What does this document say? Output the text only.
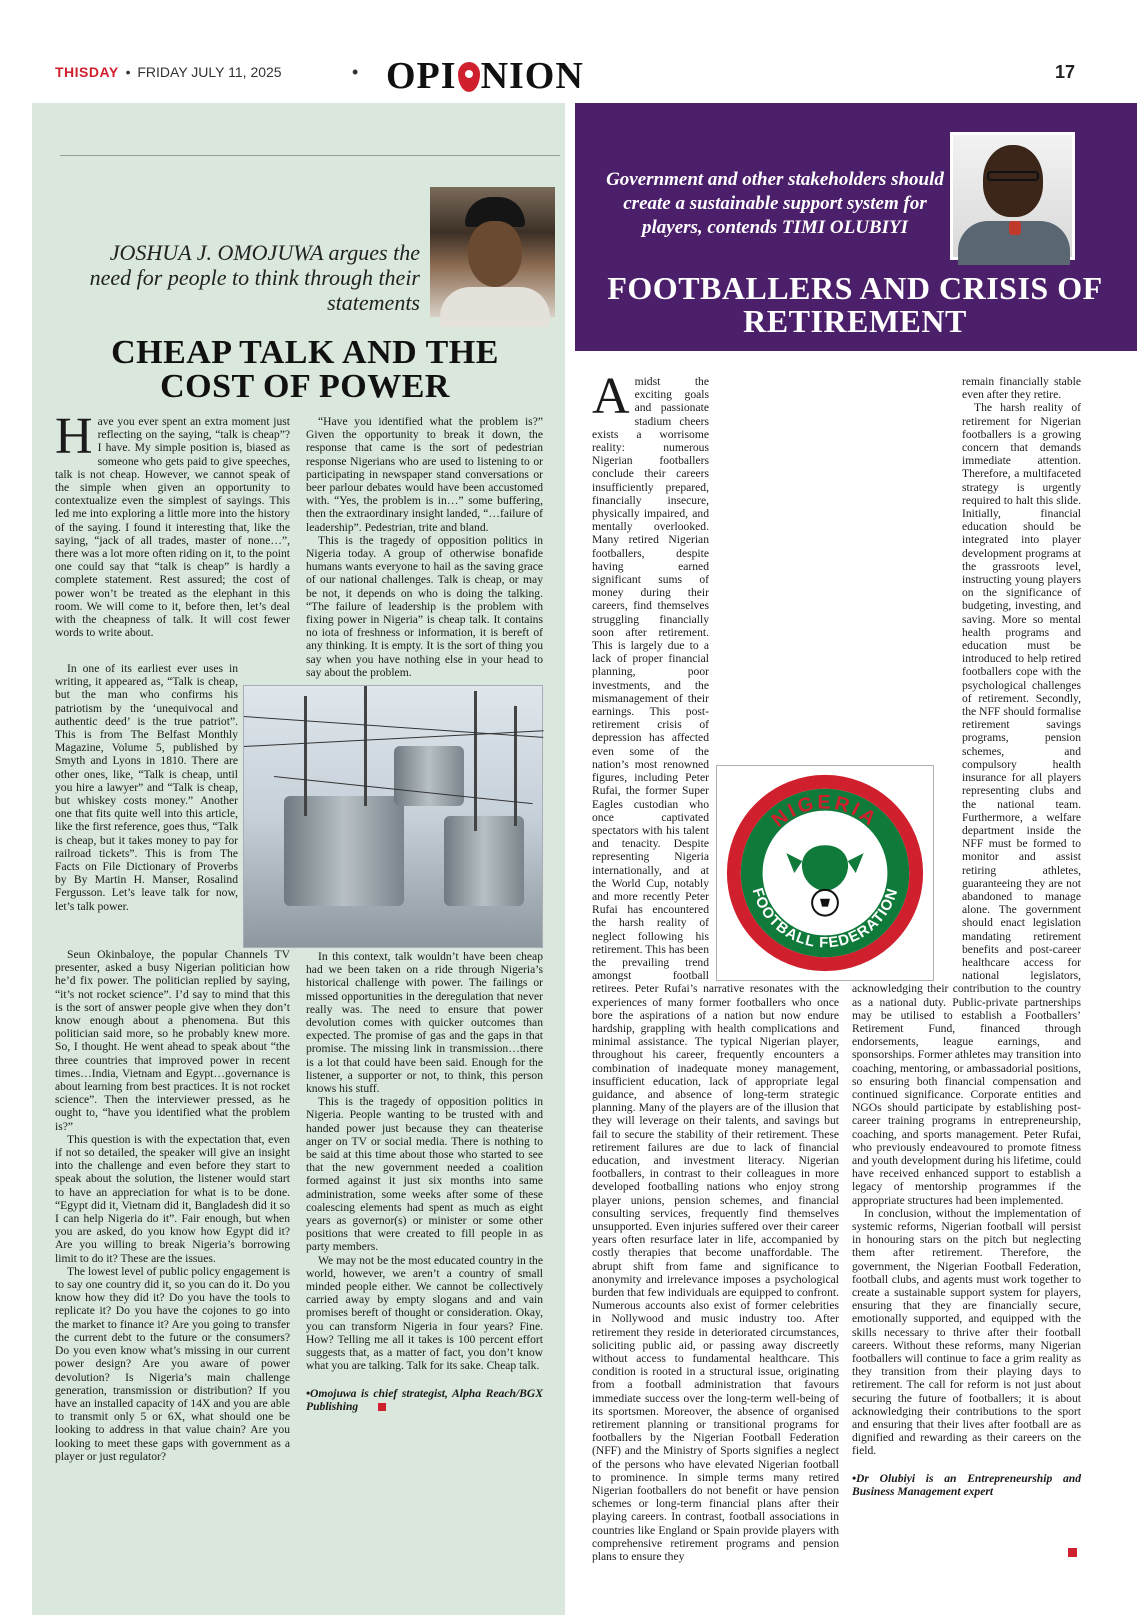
THISDAY • FRIDAY JULY 11, 2025	• OPI NION	17
JOSHUA J. OMOJUWA argues the need for people to think through their statements
CHEAP TALK AND THE COST OF POWER

Have you ever spent an extra moment just reflecting on the saying, “talk is cheap”? I have. My simple position is, biased as someone who gets paid to give speeches, talk is not cheap. However, we cannot speak of the simple when given an opportunity to contextualize even the simplest of sayings. This led me into exploring a little more into the history of the saying. I found it interesting that, like the saying, “jack of all trades, master of none…”, there was a lot more often riding on it, to the point one could say that “talk is cheap” is hardly a complete statement. Rest assured; the cost of power won’t be treated as the elephant in this room. We will come to it, before then, let’s deal with the cheapness of talk. It will cost fewer words to write about.

In one of its earliest ever uses in writing, it appeared as, “Talk is cheap, but the man who confirms his patriotism by the ‘unequivocal and authentic deed’ is the true patriot”. This is from The Belfast Monthly Magazine, Volume 5, published by Smyth and Lyons in 1810. There are other ones, like, “Talk is cheap, until you hire a lawyer” and “Talk is cheap, but whiskey costs money.” Another one that fits quite well into this article, like the first reference, goes thus, “Talk is cheap, but it takes money to pay for railroad tickets”. This is from The Facts on File Dictionary of Proverbs by By Martin H. Manser, Rosalind Fergusson. Let’s leave talk for now, let’s talk power.

Seun Okinbaloye, the popular Channels TV presenter, asked a busy Nigerian politician how he’d fix power. The politician replied by saying, “it’s not rocket science”. I’d say to mind that this is the sort of answer people give when they don’t know enough about a phenomena. But this politician said more, so he probably knew more. So, I thought. He went ahead to speak about “the three countries that improved power in recent times…India, Vietnam and Egypt…governance is about learning from best practices. It is not rocket science”. Then the interviewer pressed, as he ought to, “have you identified what the problem is?”

This question is with the expectation that, even if not so detailed, the speaker will give an insight into the challenge and even before they start to speak about the solution, the listener would start to have an appreciation for what is to be done. “Egypt did it, Vietnam did it, Bangladesh did it so I can help Nigeria do it”. Fair enough, but when you are asked, do you know how Egypt did it? Are you willing to break Nigeria’s borrowing limit to do it? These are the issues.

The lowest level of public policy engagement is to say one country did it, so you can do it. Do you know how they did it? Do you have the tools to replicate it? Do you have the cojones to go into the market to finance it? Are you going to transfer the current debt to the future or the consumers? Do you even know what’s missing in our current power design? Are you aware of power devolution? Is Nigeria’s main challenge generation, transmission or distribution? If you have an installed capacity of 14X and you are able to transmit only 5 or 6X, what should one be looking to address in that value chain? Are you looking to meet these gaps with government as a player or just regulator?

“Have you identified what the problem is?” Given the opportunity to break it down, the response that came is the sort of pedestrian response Nigerians who are used to listening to or participating in newspaper stand conversations or beer parlour debates would have been accustomed with. “Yes, the problem is in…” some buffering, then the extraordinary insight landed, “…failure of leadership”. Pedestrian, trite and bland.

This is the tragedy of opposition politics in Nigeria today. A group of otherwise bonafide humans wants everyone to hail as the saving grace of our national challenges. Talk is cheap, or may be not, it depends on who is doing the talking. “The failure of leadership is the problem with fixing power in Nigeria” is cheap talk. It contains no iota of freshness or information, it is bereft of any thinking. It is empty. It is the sort of thing you say when you have nothing else in your head to say about the problem.

In this context, talk wouldn’t have been cheap had we been taken on a ride through Nigeria’s historical challenge with power. The failings or missed opportunities in the deregulation that never really was. The need to ensure that power devolution comes with quicker outcomes than expected. The promise of gas and the gaps in that promise. The missing link in transmission…there is a lot that could have been said. Enough for the listener, a supporter or not, to think, this person knows his stuff.

This is the tragedy of opposition politics in Nigeria. People wanting to be trusted with and handed power just because they can theaterise anger on TV or social media. There is nothing to be said at this time about those who started to see that the new government needed a coalition formed against it just six months into same administration, some weeks after some of these coalescing elements had spent as much as eight years as governor(s) or minister or some other positions that were created to fill people in as party members.

We may not be the most educated country in the world, however, we aren’t a country of small minded people either. We cannot be collectively carried away by empty slogans and and vain promises bereft of thought or consideration. Okay, you can transform Nigeria in four years? Fine. How? Telling me all it takes is 100 percent effort suggests that, as a matter of fact, you don’t know what you are talking. Talk for its sake. Cheap talk.

•Omojuwa is chief strategist, Alpha Reach/BGX Publishing

Government and other stakeholders should create a sustainable support system for players, contends TIMI OLUBIYI
FOOTBALLERS AND CRISIS OF RETIREMENT

Amidst the exciting goals and passionate stadium cheers exists a worrisome reality: numerous Nigerian footballers conclude their careers insufficiently prepared, financially insecure, physically impaired, and mentally overlooked. Many retired Nigerian footballers, despite having earned significant sums of money during their careers, find themselves struggling financially soon after retirement. This is largely due to a lack of proper financial planning, poor investments, and the mismanagement of their earnings. This post-retirement crisis of depression has affected even some of the nation’s most renowned figures, including Peter Rufai, the former Super Eagles custodian who once captivated spectators with his talent and tenacity. Despite representing Nigeria internationally, and at the World Cup, notably and more recently Peter Rufai has encountered the harsh reality of neglect following his retirement. This has been the prevailing trend amongst football retirees. Peter Rufai’s narrative resonates with the experiences of many former footballers who once bore the aspirations of a nation but now endure hardship, grappling with health complications and minimal assistance. The typical Nigerian player, throughout his career, frequently encounters a combination of inadequate money management, insufficient education, lack of appropriate legal guidance, and absence of long-term strategic planning. Many of the players are of the illusion that they will leverage on their talents, and savings but fail to secure the stability of their retirement. These retirement failures are due to lack of financial education, and investment literacy. Nigerian footballers, in contrast to their colleagues in more developed footballing nations who enjoy strong player unions, pension schemes, and financial consulting services, frequently find themselves unsupported. Even injuries suffered over their career years often resurface later in life, accompanied by costly therapies that become unaffordable. The abrupt shift from fame and significance to anonymity and irrelevance imposes a psychological burden that few individuals are equipped to confront. Numerous accounts also exist of former celebrities in Nollywood and music industry too. After retirement they reside in deteriorated circumstances, soliciting public aid, or passing away discreetly without access to fundamental healthcare. This condition is rooted in a structural issue, originating from a football administration that favours immediate success over the long-term well-being of its sportsmen. Moreover, the absence of organised retirement planning or transitional programs for footballers by the Nigerian Football Federation (NFF) and the Ministry of Sports signifies a neglect of the persons who have elevated Nigerian football to prominence. In simple terms many retired Nigerian footballers do not benefit or have pension schemes or long-term financial plans after their playing careers. In contrast, football associations in countries like England or Spain provide players with comprehensive retirement programs and pension plans to ensure they

remain financially stable even after they retire.

The harsh reality of retirement for Nigerian footballers is a growing concern that demands immediate attention. Therefore, a multifaceted strategy is urgently required to halt this slide. Initially, financial education should be integrated into player development programs at the grassroots level, instructing young players on the significance of budgeting, investing, and saving. More so mental health programs and education must be introduced to help retired footballers cope with the psychological challenges of retirement. Secondly, the NFF should formalise retirement savings programs, pension schemes, and compulsory health insurance for all players representing clubs and the national team. Furthermore, a welfare department inside the NFF must be formed to monitor and assist retiring athletes, guaranteeing they are not abandoned to manage alone. The government should enact legislation mandating retirement benefits and post-career healthcare access for national legislators, acknowledging their contribution to the country as a national duty. Public-private partnerships may be utilised to establish a Footballers’ Retirement Fund, financed through endorsements, league earnings, and sponsorships. Former athletes may transition into coaching, mentoring, or ambassadorial positions, so ensuring both financial compensation and continued significance. Corporate entities and NGOs should participate by establishing post-career training programs in entrepreneurship, coaching, and sports management. Peter Rufai, who previously endeavoured to promote fitness and youth development during his lifetime, could have received enhanced support to establish a legacy of mentorship programmes if the appropriate structures had been implemented.

In conclusion, without the implementation of systemic reforms, Nigerian football will persist in honouring stars on the pitch but neglecting them after retirement. Therefore, the government, the Nigerian Football Federation, football clubs, and agents must work together to create a sustainable support system for players, ensuring that they are financially secure, emotionally supported, and equipped with the skills necessary to thrive after their football careers. Without these reforms, many Nigerian footballers will continue to face a grim reality as they transition from their playing days to retirement. The call for reform is not just about securing the future of footballers; it is about acknowledging their contributions to the sport and ensuring that their lives after football are as dignified and rewarding as their careers on the field.

•Dr Olubiyi is an Entrepreneurship and Business Management expert

NIGERIA
FOOTBALL FEDERATION
